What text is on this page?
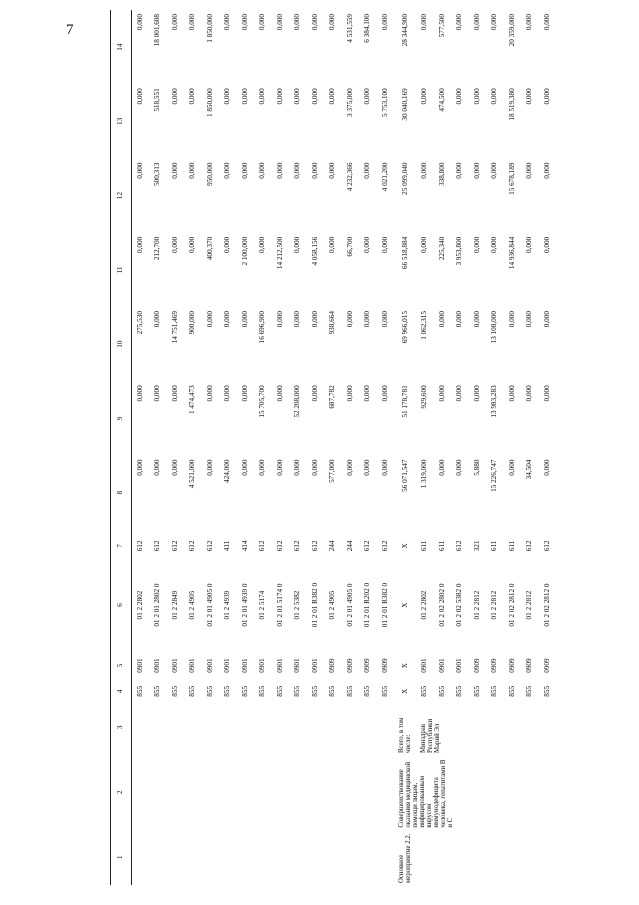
7
1	2	3	4	5	6	7	8	9	10	11	12	13	14
			855	0901	01 2 2802	612	0,000	0,000	275,530	0,000	0,000	0,000	0,000
			855	0901	01 2 01 2802 0	612	0,000	0,000	0,000	212,700	500,313	518,551	18 001,608
			855	0901	01 2 2849	612	0,000	0,000	14 751,469	0,000	0,000	0,000	0,000
			855	0901	01 2 4905	612	4 521,000	1 474,473	900,000	0,000	0,000	0,000	0,000
			855	0901	01 2 01 4905 0	612	0,000	0,000	0,000	400,370	950,000	1 850,000	1 850,000
			855	0901	01 2 4939	411	424,000	0,000	0,000	0,000	0,000	0,000	0,000
			855	0901	01 2 01 4939 0	414	0,000	0,000	0,000	2 100,000	0,000	0,000	0,000
			855	0901	01 2 5174	612	0,000	15 705,700	16 696,900	0,000	0,000	0,000	0,000
			855	0901	01 2 01 5174 0	612	0,000	0,000	0,000	14 212,500	0,000	0,000	0,000
			855	0901	01 2 5382	612	0,000	52 208,000	0,000	0,000	0,000	0,000	0,000
			855	0901	01 2 01 R382 0	612	0,000	0,000	0,000	4 058,156	0,000	0,000	0,000
			855	0909	01 2 4905	244	577,000	687,782	938,664	0,000	0,000	0,000	0,000
			855	0909	01 2 01 4905 0	244	0,000	0,000	0,000	66,700	4 232,366	3 375,000	4 531,559
			855	0909	01 2 01 R202 0	612	0,000	0,000	0,000	0,000	0,000	0,000	6 384,100
			855	0909	01 2 01 R382 0	612	0,000	0,000	0,000	0,000	4 021,200	5 753,100	0,000
Основное мероприятие 2.2.	Совершенствование оказания медицинской помощи лицам, инфицированным вирусом иммунодефицита человека, гепатитами В и С	Всего, в том числе:	X	X	X	X	56 071,547	51 178,781	69 966,015	66 518,884	25 099,040	30 040,169	28 344,900
		Минздрав Республики Марий Эл	855	0901	01 2 2802	611	1 319,000	929,600	1 062,315	0,000	0,000	0,000	0,000
			855	0901	01 2 02 2802 0	611	0,000	0,000	0,000	225,340	338,800	474,500	577,500
			855	0901	01 2 02 5382 0	612	0,000	0,000	0,000	3 953,800	0,000	0,000	0,000
			855	0909	01 2 2812	321	5,880	0,000	0,000	0,000	0,000	0,000	0,000
			855	0909	01 2 2812	611	15 226,747	13 983,283	13 108,000	0,000	0,000	0,000	0,000
			855	0909	01 2 02 2812 0	611	0,000	0,000	0,000	14 936,844	15 678,189	18 519,380	20 359,000
			855	0909	01 2 2812	612	34,504	0,000	0,000	0,000	0,000	0,000	0,000
			855	0909	01 2 02 2812 0	612	0,000	0,000	0,000	0,000	0,000	0,000	0,000
